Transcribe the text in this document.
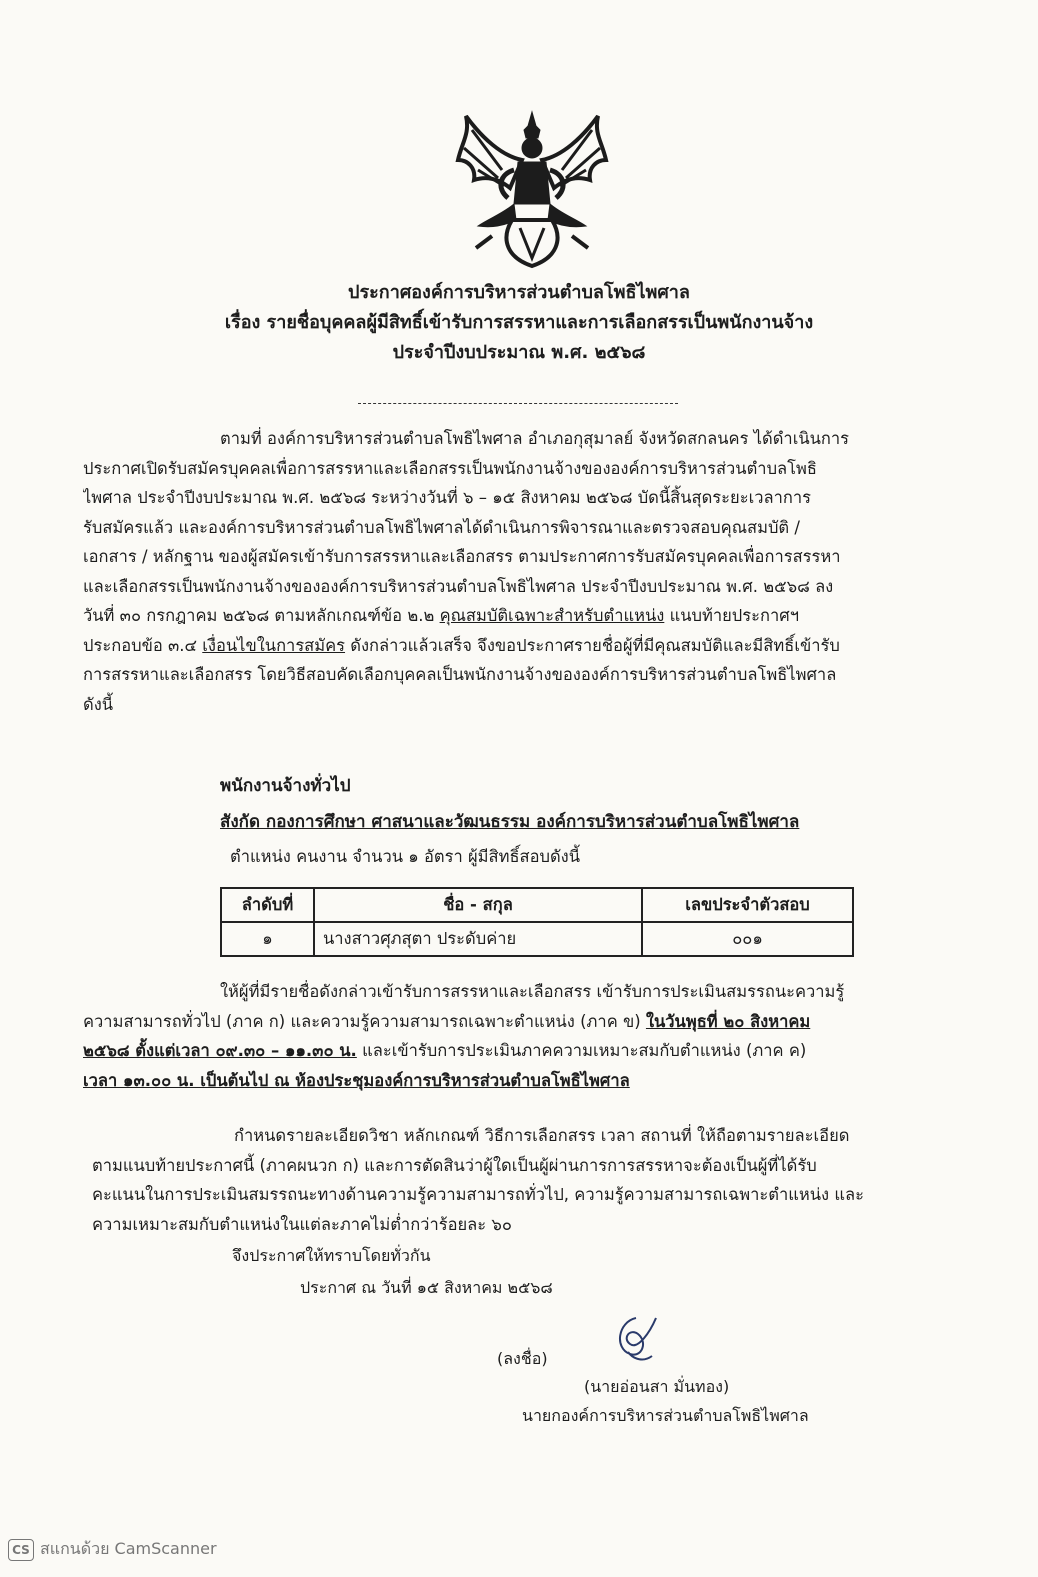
ประกาศองค์การบริหารส่วนตำบลโพธิไพศาล
เรื่อง รายชื่อบุคคลผู้มีสิทธิ์เข้ารับการสรรหาและการเลือกสรรเป็นพนักงานจ้าง
ประจำปีงบประมาณ พ.ศ. ๒๕๖๘
ตามที่ องค์การบริหารส่วนตำบลโพธิไพศาล อำเภอกุสุมาลย์ จังหวัดสกลนคร ได้ดำเนินการ
ประกาศเปิดรับสมัครบุคคลเพื่อการสรรหาและเลือกสรรเป็นพนักงานจ้างขององค์การบริหารส่วนตำบลโพธิ
ไพศาล ประจำปีงบประมาณ พ.ศ. ๒๕๖๘ ระหว่างวันที่ ๖ – ๑๕ สิงหาคม ๒๕๖๘ บัดนี้สิ้นสุดระยะเวลาการ
รับสมัครแล้ว และองค์การบริหารส่วนตำบลโพธิไพศาลได้ดำเนินการพิจารณาและตรวจสอบคุณสมบัติ /
เอกสาร / หลักฐาน ของผู้สมัครเข้ารับการสรรหาและเลือกสรร ตามประกาศการรับสมัครบุคคลเพื่อการสรรหา
และเลือกสรรเป็นพนักงานจ้างขององค์การบริหารส่วนตำบลโพธิไพศาล ประจำปีงบประมาณ พ.ศ. ๒๕๖๘ ลง
วันที่ ๓๐ กรกฎาคม ๒๕๖๘ ตามหลักเกณฑ์ข้อ ๒.๒ คุณสมบัติเฉพาะสำหรับตำแหน่ง แนบท้ายประกาศฯ
ประกอบข้อ ๓.๔ เงื่อนไขในการสมัคร ดังกล่าวแล้วเสร็จ จึงขอประกาศรายชื่อผู้ที่มีคุณสมบัติและมีสิทธิ์เข้ารับ
การสรรหาและเลือกสรร โดยวิธีสอบคัดเลือกบุคคลเป็นพนักงานจ้างขององค์การบริหารส่วนตำบลโพธิไพศาล
ดังนี้
พนักงานจ้างทั่วไป
สังกัด กองการศึกษา ศาสนาและวัฒนธรรม องค์การบริหารส่วนตำบลโพธิไพศาล
ตำแหน่ง คนงาน จำนวน ๑ อัตรา ผู้มีสิทธิ์สอบดังนี้
ลำดับที่	ชื่อ - สกุล	เลขประจำตัวสอบ
๑	นางสาวศุภสุตา ประดับค่าย	๐๐๑
ให้ผู้ที่มีรายชื่อดังกล่าวเข้ารับการสรรหาและเลือกสรร เข้ารับการประเมินสมรรถนะความรู้
ความสามารถทั่วไป (ภาค ก) และความรู้ความสามารถเฉพาะตำแหน่ง (ภาค ข) ในวันพุธที่ ๒๐ สิงหาคม
๒๕๖๘ ตั้งแต่เวลา ๐๙.๓๐ – ๑๑.๓๐ น. และเข้ารับการประเมินภาคความเหมาะสมกับตำแหน่ง (ภาค ค)
เวลา ๑๓.๐๐ น. เป็นต้นไป ณ ห้องประชุมองค์การบริหารส่วนตำบลโพธิไพศาล
กำหนดรายละเอียดวิชา หลักเกณฑ์ วิธีการเลือกสรร เวลา สถานที่ ให้ถือตามรายละเอียด
ตามแนบท้ายประกาศนี้ (ภาคผนวก ก) และการตัดสินว่าผู้ใดเป็นผู้ผ่านการการสรรหาจะต้องเป็นผู้ที่ได้รับ
คะแนนในการประเมินสมรรถนะทางด้านความรู้ความสามารถทั่วไป, ความรู้ความสามารถเฉพาะตำแหน่ง และ
ความเหมาะสมกับตำแหน่งในแต่ละภาคไม่ต่ำกว่าร้อยละ ๖๐
จึงประกาศให้ทราบโดยทั่วกัน
ประกาศ ณ วันที่ ๑๕ สิงหาคม ๒๕๖๘
(ลงชื่อ)
(นายอ่อนสา มั่นทอง)
นายกองค์การบริหารส่วนตำบลโพธิไพศาล
CS สแกนด้วย CamScanner
